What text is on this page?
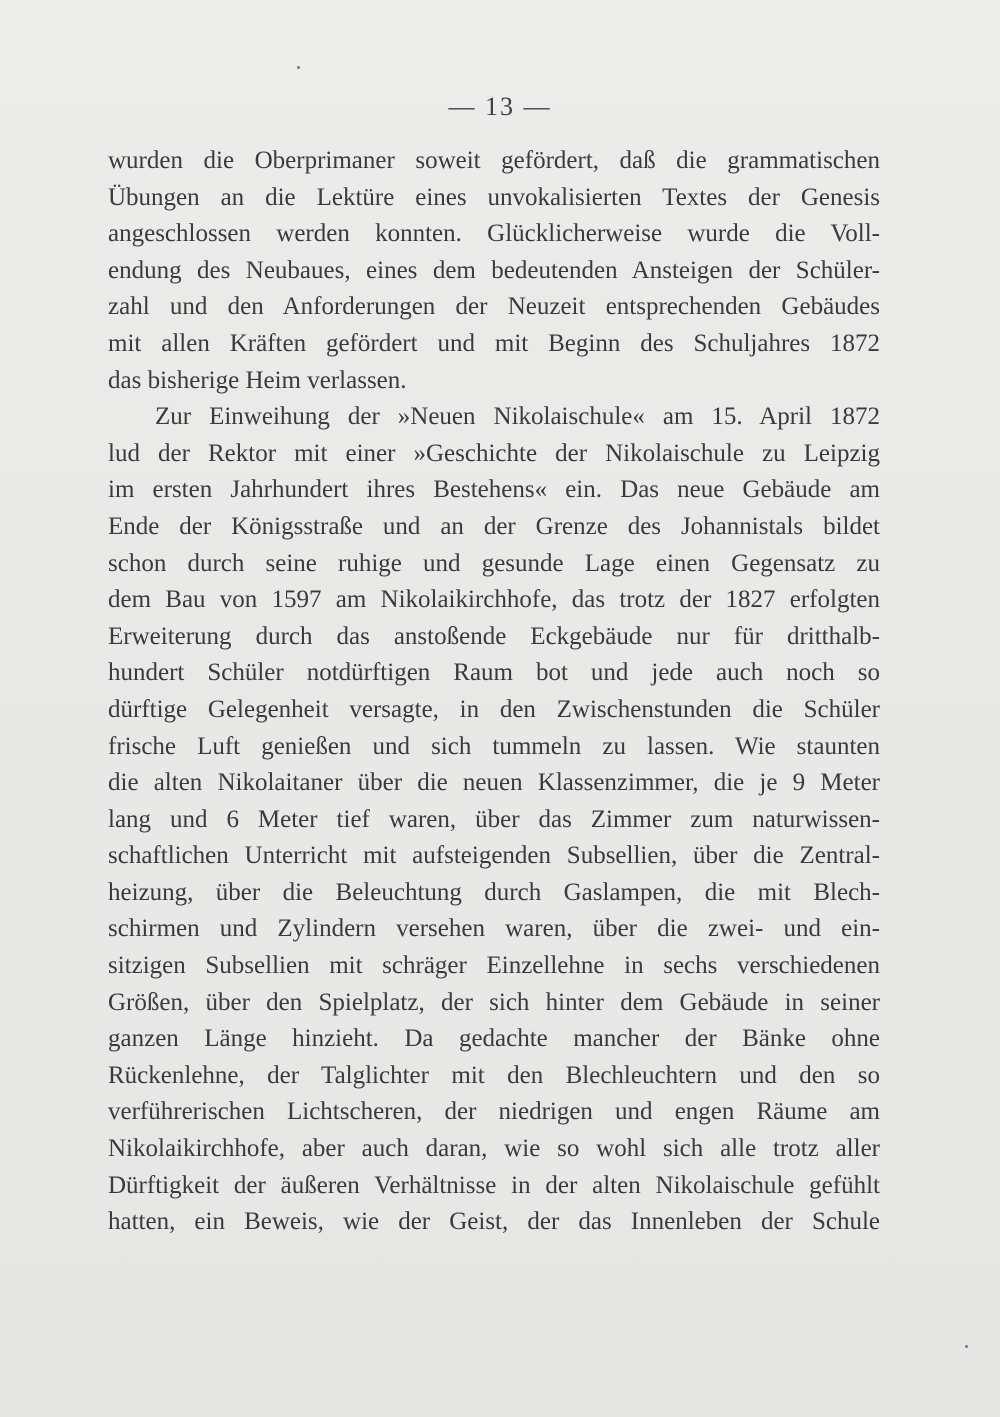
— 13 —
wurden die Oberprimaner soweit gefördert, daß die grammatischen
Übungen an die Lektüre eines unvokalisierten Textes der Genesis
angeschlossen werden konnten. Glücklicherweise wurde die Voll-
endung des Neubaues, eines dem bedeutenden Ansteigen der Schüler-
zahl und den Anforderungen der Neuzeit entsprechenden Gebäudes
mit allen Kräften gefördert und mit Beginn des Schuljahres 1872
das bisherige Heim verlassen.
Zur Einweihung der »Neuen Nikolaischule« am 15. April 1872
lud der Rektor mit einer »Geschichte der Nikolaischule zu Leipzig
im ersten Jahrhundert ihres Bestehens« ein. Das neue Gebäude am
Ende der Königsstraße und an der Grenze des Johannistals bildet
schon durch seine ruhige und gesunde Lage einen Gegensatz zu
dem Bau von 1597 am Nikolaikirchhofe, das trotz der 1827 erfolgten
Erweiterung durch das anstoßende Eckgebäude nur für dritthalb-
hundert Schüler notdürftigen Raum bot und jede auch noch so
dürftige Gelegenheit versagte, in den Zwischenstunden die Schüler
frische Luft genießen und sich tummeln zu lassen. Wie staunten
die alten Nikolaitaner über die neuen Klassenzimmer, die je 9 Meter
lang und 6 Meter tief waren, über das Zimmer zum naturwissen-
schaftlichen Unterricht mit aufsteigenden Subsellien, über die Zentral-
heizung, über die Beleuchtung durch Gaslampen, die mit Blech-
schirmen und Zylindern versehen waren, über die zwei- und ein-
sitzigen Subsellien mit schräger Einzellehne in sechs verschiedenen
Größen, über den Spielplatz, der sich hinter dem Gebäude in seiner
ganzen Länge hinzieht. Da gedachte mancher der Bänke ohne
Rückenlehne, der Talglichter mit den Blechleuchtern und den so
verführerischen Lichtscheren, der niedrigen und engen Räume am
Nikolaikirchhofe, aber auch daran, wie so wohl sich alle trotz aller
Dürftigkeit der äußeren Verhältnisse in der alten Nikolaischule gefühlt
hatten, ein Beweis, wie der Geist, der das Innenleben der Schule
